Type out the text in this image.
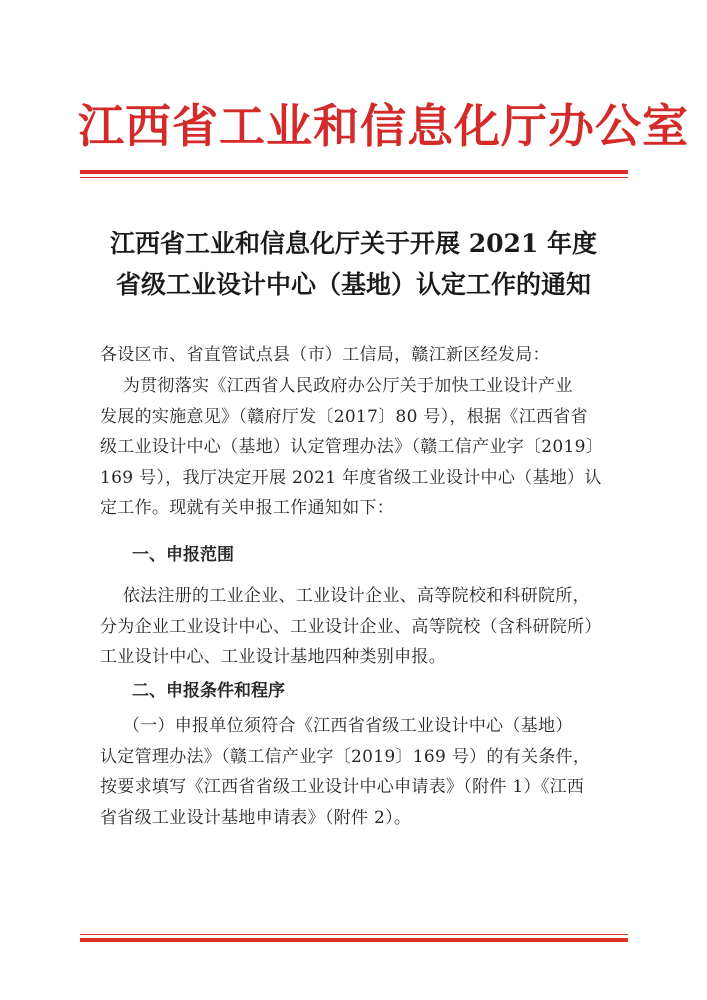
江西省工业和信息化厅办公室
江西省工业和信息化厅关于开展 2021 年度
省级工业设计中心（基地）认定工作的通知
各设区市、省直管试点县（市）工信局，赣江新区经发局：
为贯彻落实《江西省人民政府办公厅关于加快工业设计产业
发展的实施意见》（赣府厅发〔2017〕80 号），根据《江西省省
级工业设计中心（基地）认定管理办法》（赣工信产业字〔2019〕
169 号），我厅决定开展 2021 年度省级工业设计中心（基地）认
定工作。现就有关申报工作通知如下：
一、申报范围
依法注册的工业企业、工业设计企业、高等院校和科研院所，
分为企业工业设计中心、工业设计企业、高等院校（含科研院所）
工业设计中心、工业设计基地四种类别申报。
二、申报条件和程序
（一）申报单位须符合《江西省省级工业设计中心（基地）
认定管理办法》（赣工信产业字〔2019〕169 号）的有关条件，
按要求填写《江西省省级工业设计中心申请表》（附件 1）《江西
省省级工业设计基地申请表》（附件 2）。
